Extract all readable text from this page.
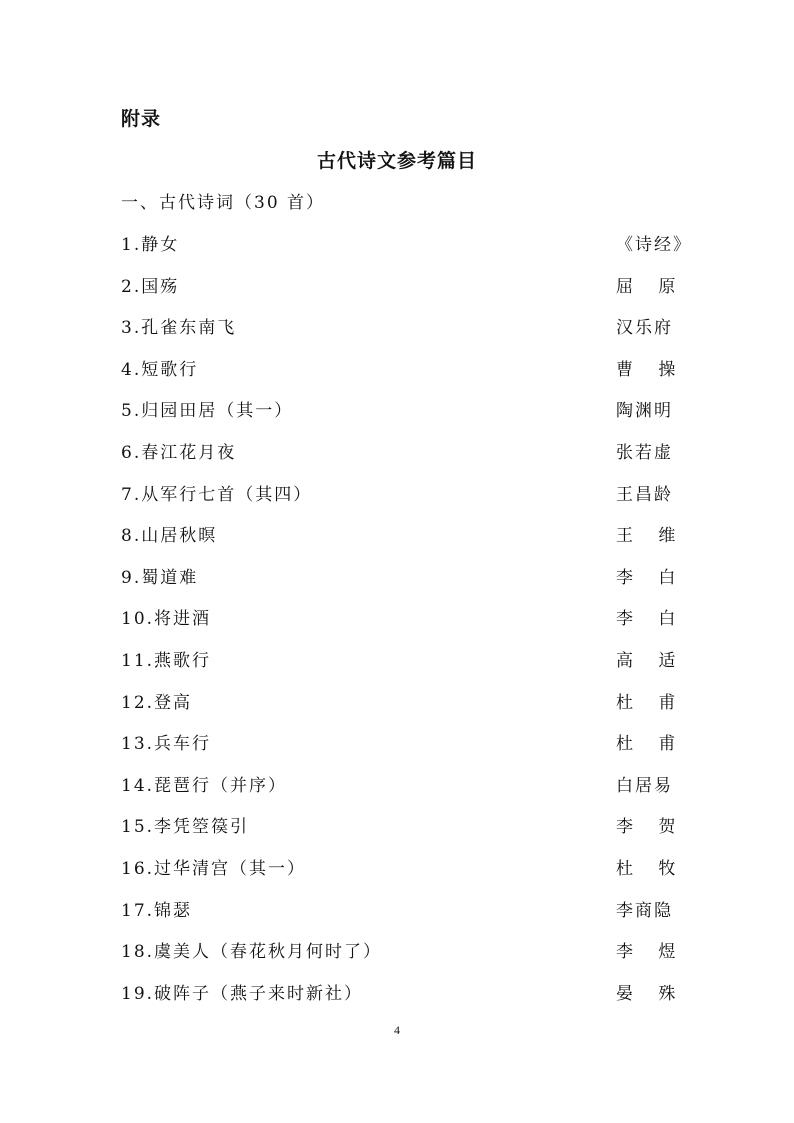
附录
古代诗文参考篇目
一、古代诗词（30 首）
1.静女	《诗经》
2.国殇	屈 原
3.孔雀东南飞	汉乐府
4.短歌行	曹 操
5.归园田居（其一）	陶渊明
6.春江花月夜	张若虚
7.从军行七首（其四）	王昌龄
8.山居秋暝	王 维
9.蜀道难	李 白
10.将进酒	李 白
11.燕歌行	高 适
12.登高	杜 甫
13.兵车行	杜 甫
14.琵琶行（并序）	白居易
15.李凭箜篌引	李 贺
16.过华清宫（其一）	杜 牧
17.锦瑟	李商隐
18.虞美人（春花秋月何时了）	李 煜
19.破阵子（燕子来时新社）	晏 殊
4
